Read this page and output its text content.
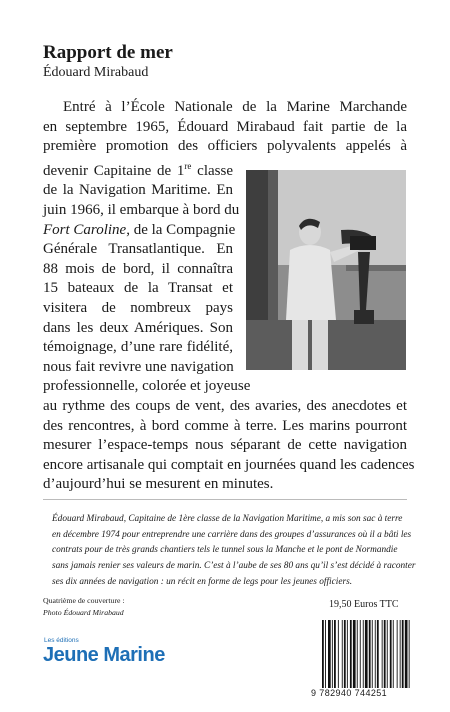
Rapport de mer
Édouard Mirabaud
Entré à l’École Nationale de la Marine Marchande
en septembre 1965, Édouard Mirabaud fait partie de la
première promotion des officiers polyvalents appelés à
devenir Capitaine de 1re classe
de la Navigation Maritime. En
juin 1966, il embarque à bord du
Fort Caroline, de la Compagnie
Générale Transatlantique. En
88 mois de bord, il connaîtra
15 bateaux de la Transat et
visitera de nombreux pays
dans les deux Amériques. Son
témoignage, d’une rare fidélité,
nous fait revivre une navigation
professionnelle, colorée et joyeuse
au rythme des coups de vent, des avaries, des anecdotes et
des rencontres, à bord comme à terre. Les marins pourront
mesurer l’espace-temps nous séparant de cette navigation
encore artisanale qui comptait en journées quand les cadences
d’aujourd’hui se mesurent en minutes.
Édouard Mirabaud, Capitaine de 1ère classe de la Navigation Maritime, a mis son sac à terre
en décembre 1974 pour entreprendre une carrière dans des groupes d’assurances où il a bâti les
contrats pour de très grands chantiers tels le tunnel sous la Manche et le pont de Normandie
sans jamais renier ses valeurs de marin. C’est à l’aube de ses 80 ans qu’il s’est décidé à raconter
ses dix années de navigation : un récit en forme de legs pour les jeunes officiers.
Quatrième de couverture :
Photo Édouard Mirabaud
19,50 Euros TTC
Les éditions
Jeune Marine
9 782940 744251
